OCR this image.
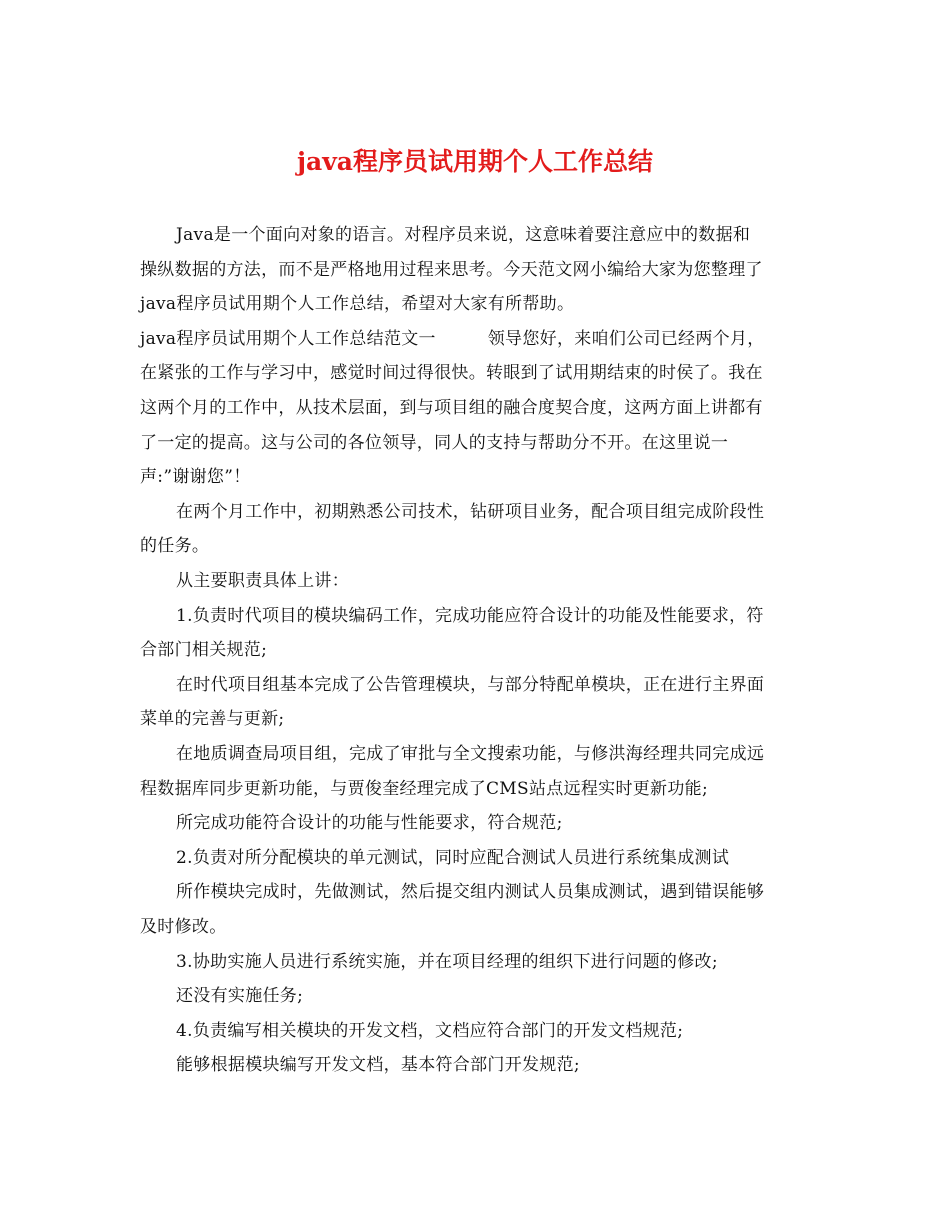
java程序员试用期个人工作总结
Java是一个面向对象的语言。对程序员来说，这意味着要注意应中的数据和
操纵数据的方法，而不是严格地用过程来思考。今天范文网小编给大家为您整理了
java程序员试用期个人工作总结，希望对大家有所帮助。
java程序员试用期个人工作总结范文一　　　领导您好，来咱们公司已经两个月，
在紧张的工作与学习中，感觉时间过得很快。转眼到了试用期结束的时侯了。我在
这两个月的工作中，从技术层面，到与项目组的融合度契合度，这两方面上讲都有
了一定的提高。这与公司的各位领导，同人的支持与帮助分不开。在这里说一
声:”谢谢您”！
在两个月工作中，初期熟悉公司技术，钻研项目业务，配合项目组完成阶段性
的任务。
从主要职责具体上讲：
1.负责时代项目的模块编码工作，完成功能应符合设计的功能及性能要求，符
合部门相关规范;
在时代项目组基本完成了公告管理模块，与部分特配单模块，正在进行主界面
菜单的完善与更新;
在地质调查局项目组，完成了审批与全文搜索功能，与修洪海经理共同完成远
程数据库同步更新功能，与贾俊奎经理完成了CMS站点远程实时更新功能;
所完成功能符合设计的功能与性能要求，符合规范;
2.负责对所分配模块的单元测试，同时应配合测试人员进行系统集成测试
所作模块完成时，先做测试，然后提交组内测试人员集成测试，遇到错误能够
及时修改。
3.协助实施人员进行系统实施，并在项目经理的组织下进行问题的修改;
还没有实施任务;
4.负责编写相关模块的开发文档，文档应符合部门的开发文档规范;
能够根据模块编写开发文档，基本符合部门开发规范;
